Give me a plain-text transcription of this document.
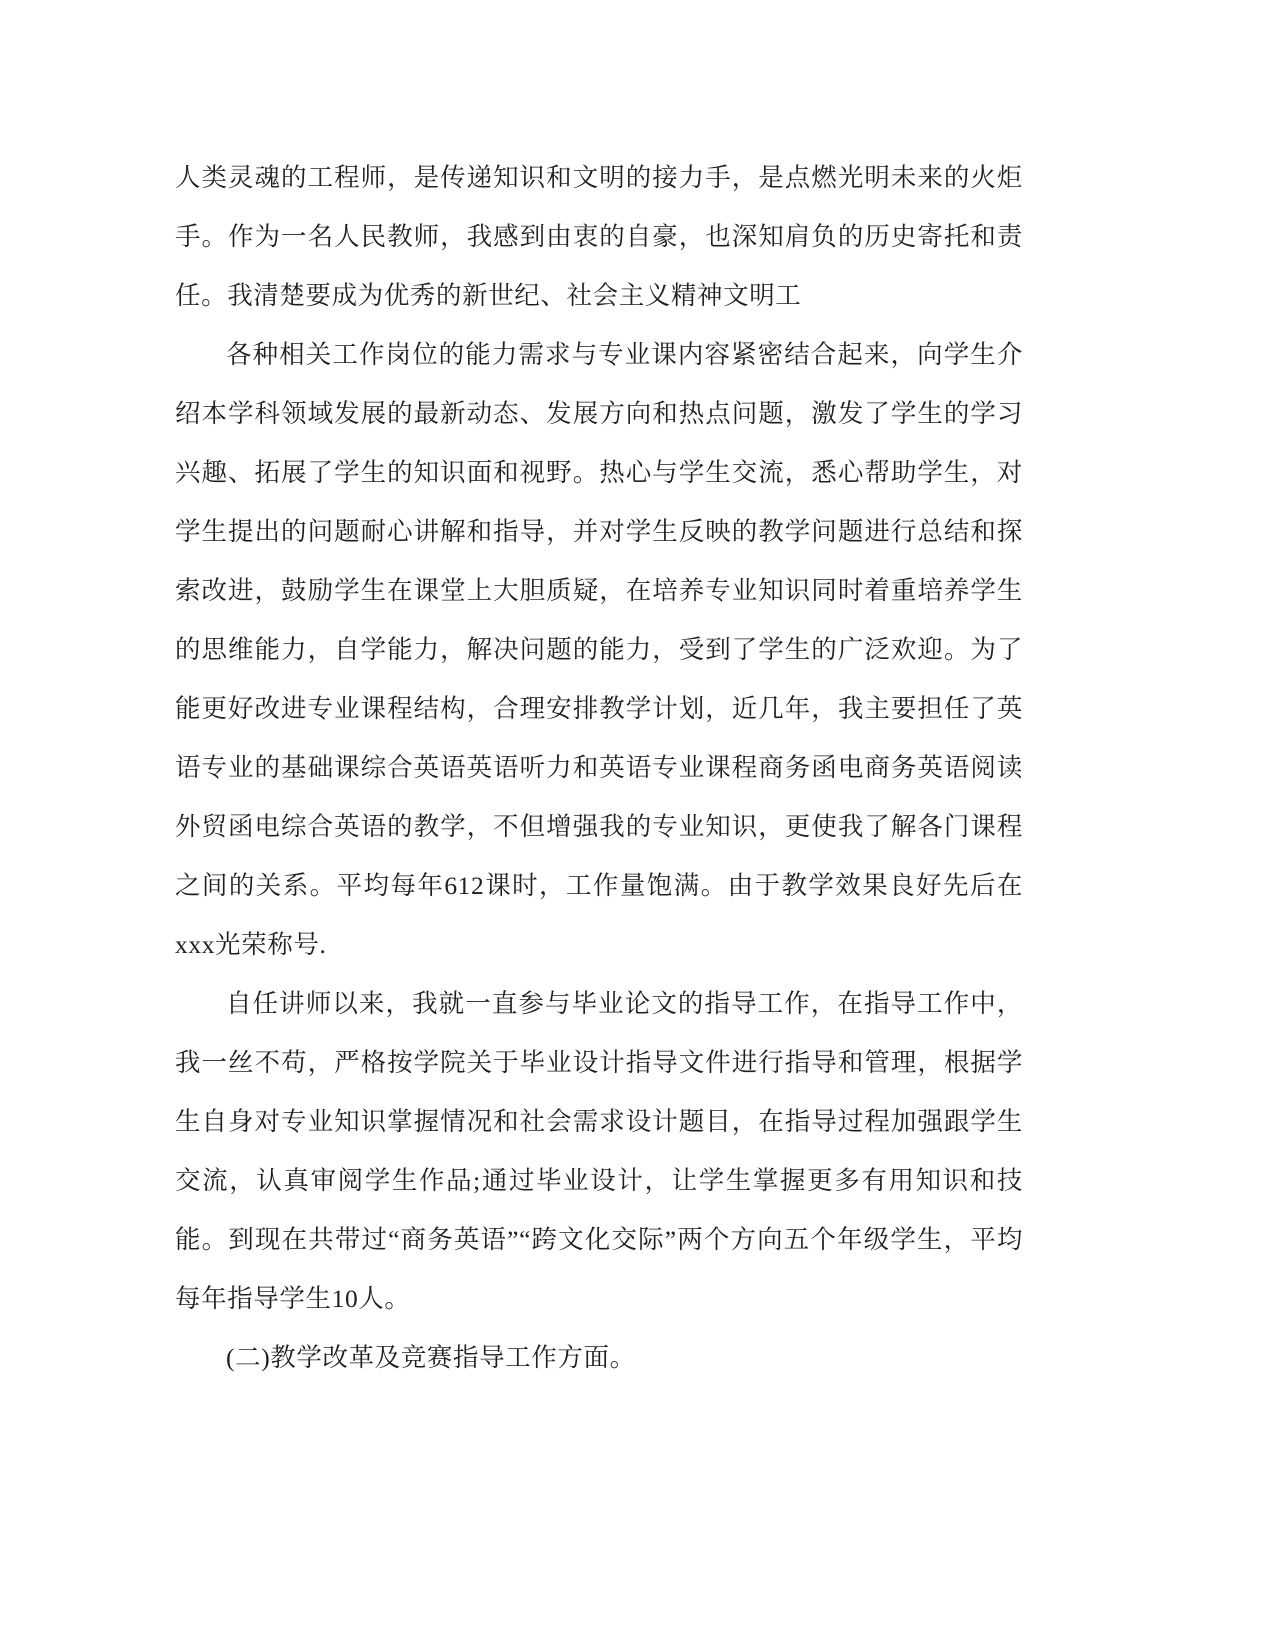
人类灵魂的工程师，是传递知识和文明的接力手，是点燃光明未来的火炬手。作为一名人民教师，我感到由衷的自豪，也深知肩负的历史寄托和责任。我清楚要成为优秀的新世纪、社会主义精神文明工

各种相关工作岗位的能力需求与专业课内容紧密结合起来，向学生介绍本学科领域发展的最新动态、发展方向和热点问题，激发了学生的学习兴趣、拓展了学生的知识面和视野。热心与学生交流，悉心帮助学生，对学生提出的问题耐心讲解和指导，并对学生反映的教学问题进行总结和探索改进，鼓励学生在课堂上大胆质疑，在培养专业知识同时着重培养学生的思维能力，自学能力，解决问题的能力，受到了学生的广泛欢迎。为了能更好改进专业课程结构，合理安排教学计划，近几年，我主要担任了英语专业的基础课综合英语英语听力和英语专业课程商务函电商务英语阅读外贸函电综合英语的教学，不但增强我的专业知识，更使我了解各门课程之间的关系。平均每年612课时，工作量饱满。由于教学效果良好先后在xxx光荣称号.

自任讲师以来，我就一直参与毕业论文的指导工作，在指导工作中，我一丝不苟，严格按学院关于毕业设计指导文件进行指导和管理，根据学生自身对专业知识掌握情况和社会需求设计题目，在指导过程加强跟学生交流，认真审阅学生作品;通过毕业设计，让学生掌握更多有用知识和技能。到现在共带过“商务英语”“跨文化交际”两个方向五个年级学生，平均每年指导学生10人。

(二)教学改革及竞赛指导工作方面。
